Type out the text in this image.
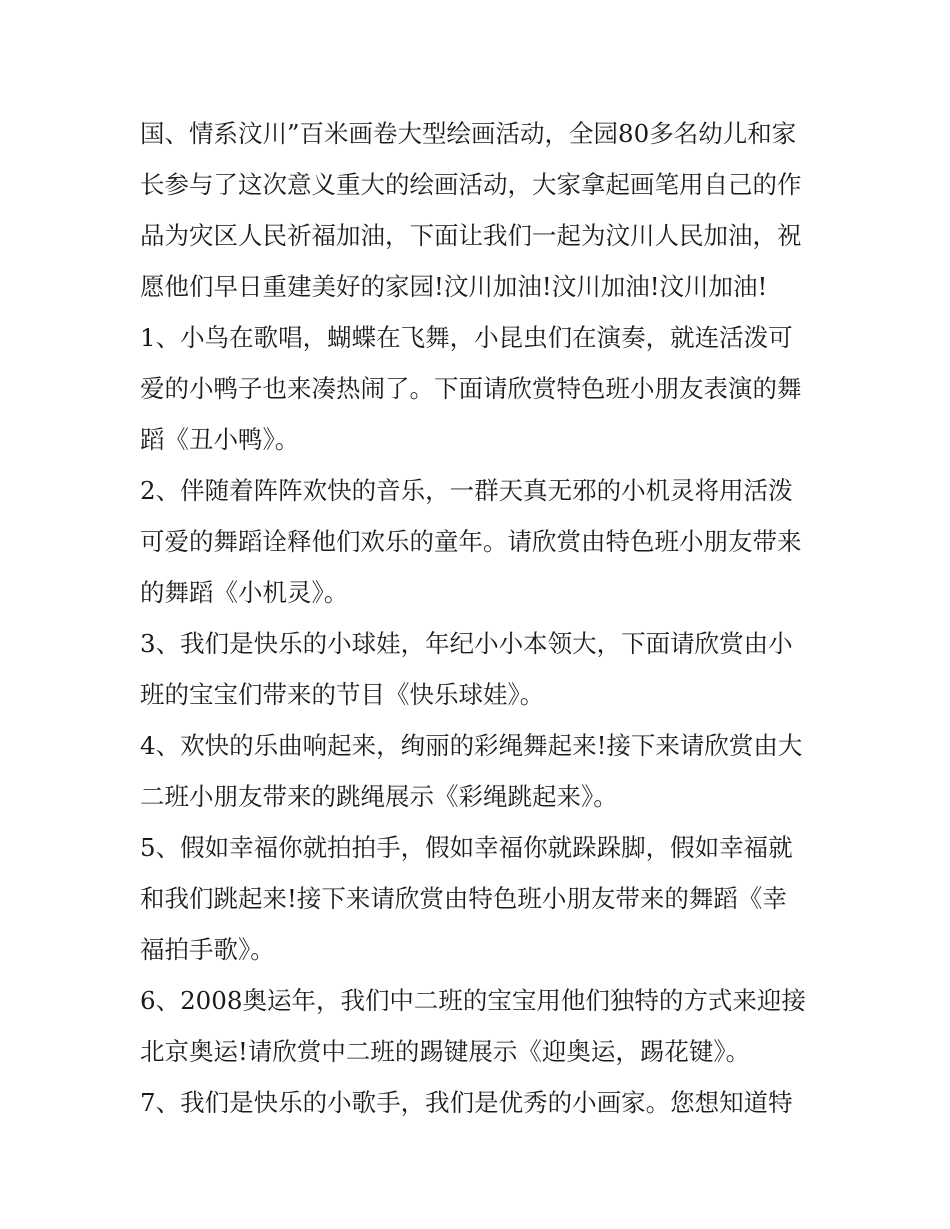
国、情系汶川”百米画卷大型绘画活动，全园80多名幼儿和家
长参与了这次意义重大的绘画活动，大家拿起画笔用自己的作
品为灾区人民祈福加油，下面让我们一起为汶川人民加油，祝
愿他们早日重建美好的家园!汶川加油!汶川加油!汶川加油!
1、小鸟在歌唱，蝴蝶在飞舞，小昆虫们在演奏，就连活泼可
爱的小鸭子也来凑热闹了。下面请欣赏特色班小朋友表演的舞
蹈《丑小鸭》。
2、伴随着阵阵欢快的音乐，一群天真无邪的小机灵将用活泼
可爱的舞蹈诠释他们欢乐的童年。请欣赏由特色班小朋友带来
的舞蹈《小机灵》。
3、我们是快乐的小球娃，年纪小小本领大，下面请欣赏由小
班的宝宝们带来的节目《快乐球娃》。
4、欢快的乐曲响起来，绚丽的彩绳舞起来!接下来请欣赏由大
二班小朋友带来的跳绳展示《彩绳跳起来》。
5、假如幸福你就拍拍手，假如幸福你就跺跺脚，假如幸福就
和我们跳起来!接下来请欣赏由特色班小朋友带来的舞蹈《幸
福拍手歌》。
6、2008奥运年，我们中二班的宝宝用他们独特的方式来迎接
北京奥运!请欣赏中二班的踢键展示《迎奥运，踢花键》。
7、我们是快乐的小歌手，我们是优秀的小画家。您想知道特
